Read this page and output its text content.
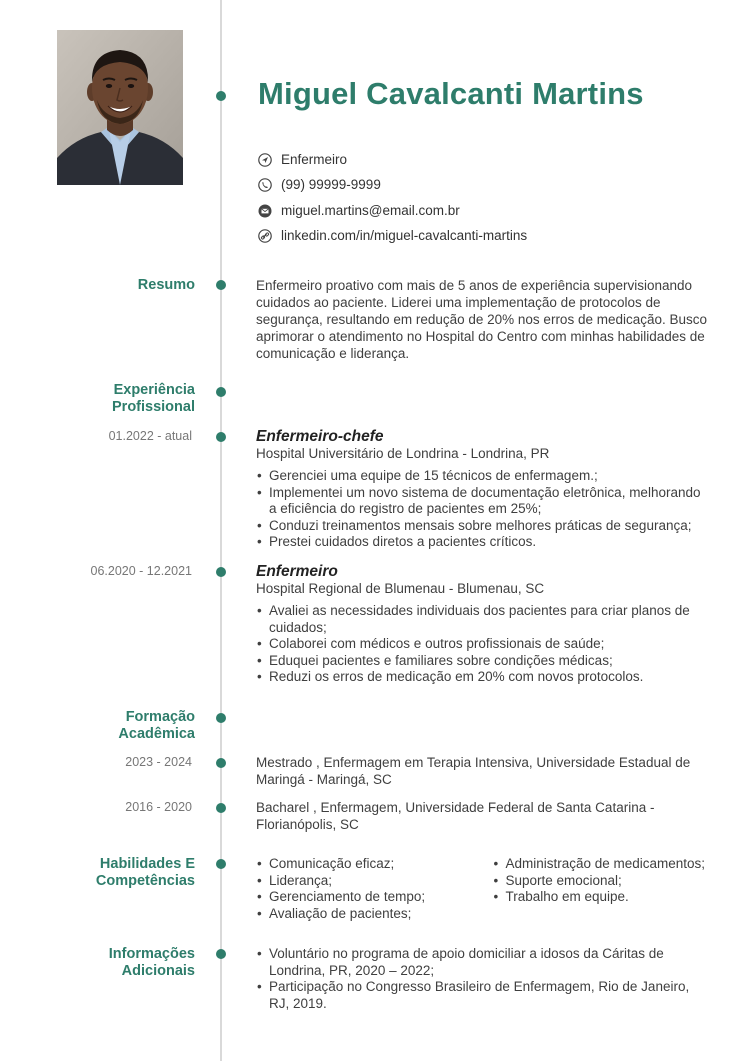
Miguel Cavalcanti Martins
Enfermeiro
(99) 99999-9999
miguel.martins@email.com.br
linkedin.com/in/miguel-cavalcanti-martins
Resumo	Enfermeiro proativo com mais de 5 anos de experiência supervisionando cuidados ao paciente. Liderei uma implementação de protocolos de segurança, resultando em redução de 20% nos erros de medicação. Busco aprimorar o atendimento no Hospital do Centro com minhas habilidades de comunicação e liderança.
Experiência
Profissional
01.2022 - atual	Enfermeiro-chefe
Hospital Universitário de Londrina - Londrina, PR
• Gerenciei uma equipe de 15 técnicos de enfermagem.;
• Implementei um novo sistema de documentação eletrônica, melhorando a eficiência do registro de pacientes em 25%;
• Conduzi treinamentos mensais sobre melhores práticas de segurança;
• Prestei cuidados diretos a pacientes críticos.
06.2020 - 12.2021	Enfermeiro
Hospital Regional de Blumenau - Blumenau, SC
• Avaliei as necessidades individuais dos pacientes para criar planos de cuidados;
• Colaborei com médicos e outros profissionais de saúde;
• Eduquei pacientes e familiares sobre condições médicas;
• Reduzi os erros de medicação em 20% com novos protocolos.
Formação
Acadêmica
2023 - 2024	Mestrado , Enfermagem em Terapia Intensiva, Universidade Estadual de Maringá - Maringá, SC
2016 - 2020	Bacharel , Enfermagem, Universidade Federal de Santa Catarina - Florianópolis, SC
Habilidades E
Competências
• Comunicação eficaz;
• Liderança;
• Gerenciamento de tempo;
• Avaliação de pacientes;
• Administração de medicamentos;
• Suporte emocional;
• Trabalho em equipe.
Informações
Adicionais
• Voluntário no programa de apoio domiciliar a idosos da Cáritas de Londrina, PR, 2020 – 2022;
• Participação no Congresso Brasileiro de Enfermagem, Rio de Janeiro, RJ, 2019.
